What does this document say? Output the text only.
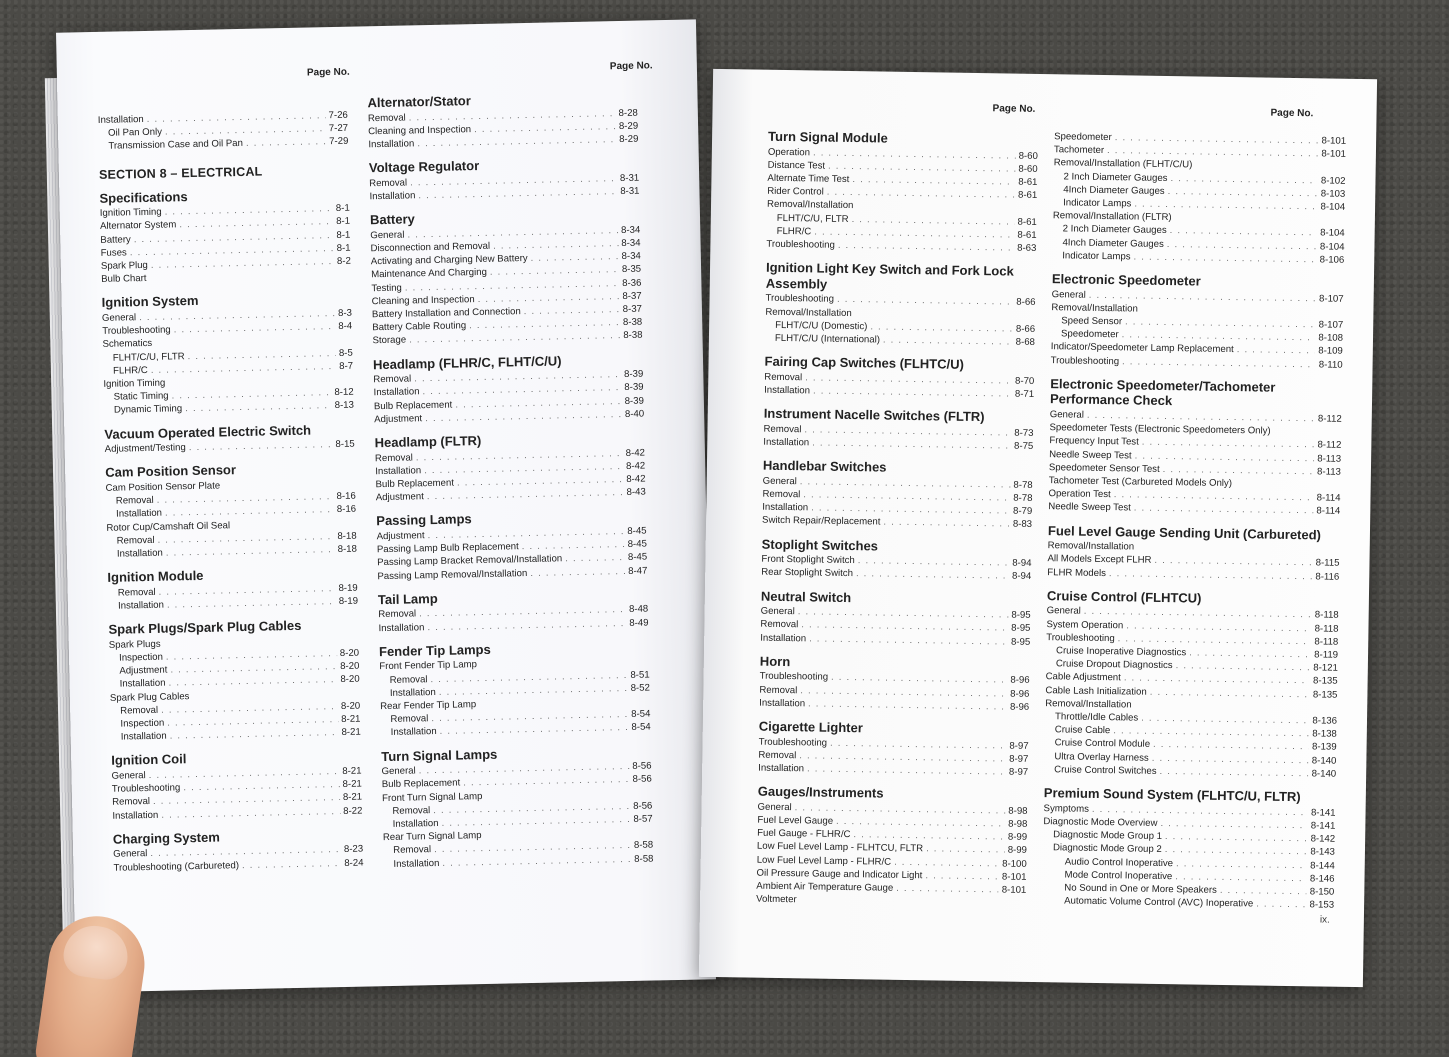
Page No.
Page No.
Installation . . .	7-26
Oil Pan Only . . .	7-27
Transmission Case and Oil Pan . . .	7-29
SECTION 8 – ELECTRICAL
Specifications
Ignition Timing . . .	8-1
Alternator System . . .	8-1
Battery . . .	8-1
Fuses . . .	8-1
Spark Plug . . .	8-2
Bulb Chart
Ignition System
General . . .	8-3
Troubleshooting . . .	8-4
Schematics
FLHT/C/U, FLTR . . .	8-5
FLHR/C . . .	8-7
Ignition Timing
Static Timing . . .	8-12
Dynamic Timing . . .	8-13
Vacuum Operated Electric Switch
Adjustment/Testing . . .	8-15
Cam Position Sensor
Cam Position Sensor Plate
Removal . . .	8-16
Installation . . .	8-16
Rotor Cup/Camshaft Oil Seal
Removal . . .	8-18
Installation . . .	8-18
Ignition Module
Removal . . .	8-19
Installation . . .	8-19
Spark Plugs/Spark Plug Cables
Spark Plugs
Inspection . . .	8-20
Adjustment . . .	8-20
Installation . . .	8-20
Spark Plug Cables
Removal . . .	8-20
Inspection . . .	8-21
Installation . . .	8-21
Ignition Coil
General . . .	8-21
Troubleshooting . . .	8-21
Removal . . .	8-21
Installation . . .	8-22
Charging System
General . . .	8-23
Troubleshooting (Carbureted) . . .	8-24
Alternator/Stator
Removal . . .	8-28
Cleaning and Inspection . . .	8-29
Installation . . .	8-29
Voltage Regulator
Removal . . .	8-31
Installation . . .	8-31
Battery
General . . .	8-34
Disconnection and Removal . . .	8-34
Activating and Charging New Battery . . .	8-34
Maintenance And Charging . . .	8-35
Testing . . .	8-36
Cleaning and Inspection . . .	8-37
Battery Installation and Connection . . .	8-37
Battery Cable Routing . . .	8-38
Storage . . .	8-38
Headlamp (FLHR/C, FLHT/C/U)
Removal . . .	8-39
Installation . . .	8-39
Bulb Replacement . . .	8-39
Adjustment . . .	8-40
Headlamp (FLTR)
Removal . . .	8-42
Installation . . .	8-42
Bulb Replacement . . .	8-42
Adjustment . . .	8-43
Passing Lamps
Adjustment . . .	8-45
Passing Lamp Bulb Replacement . . .	8-45
Passing Lamp Bracket Removal/Installation . . .	8-45
Passing Lamp Removal/Installation . . .	8-47
Tail Lamp
Removal . . .	8-48
Installation . . .	8-49
Fender Tip Lamps
Front Fender Tip Lamp
Removal . . .	8-51
Installation . . .	8-52
Rear Fender Tip Lamp
Removal . . .	8-54
Installation . . .	8-54
Turn Signal Lamps
General . . .	8-56
Bulb Replacement . . .	8-56
Front Turn Signal Lamp
Removal . . .	8-56
Installation . . .	8-57
Rear Turn Signal Lamp
Removal . . .	8-58
Installation . . .	8-58
Page No.	Page No.
Turn Signal Module
Operation . . .	8-60
Distance Test . . .	8-60
Alternate Time Test . . .	8-61
Rider Control . . .	8-61
Removal/Installation
FLHT/C/U, FLTR . . .	8-61
FLHR/C . . .	8-61
Troubleshooting . . .	8-63
Ignition Light Key Switch and Fork Lock Assembly
Troubleshooting . . .	8-66
Removal/Installation
FLHT/C/U (Domestic) . . .	8-66
FLHT/C/U (International) . . .	8-68
Fairing Cap Switches (FLHTC/U)
Removal . . .	8-70
Installation . . .	8-71
Instrument Nacelle Switches (FLTR)
Removal . . .	8-73
Installation . . .	8-75
Handlebar Switches
General . . .	8-78
Removal . . .	8-78
Installation . . .	8-79
Switch Repair/Replacement . . .	8-83
Stoplight Switches
Front Stoplight Switch . . .	8-94
Rear Stoplight Switch . . .	8-94
Neutral Switch
General . . .	8-95
Removal . . .	8-95
Installation . . .	8-95
Horn
Troubleshooting . . .	8-96
Removal . . .	8-96
Installation . . .	8-96
Cigarette Lighter
Troubleshooting . . .	8-97
Removal . . .	8-97
Installation . . .	8-97
Gauges/Instruments
General . . .	8-98
Fuel Level Gauge . . .	8-98
Fuel Gauge - FLHR/C . . .	8-99
Low Fuel Level Lamp - FLHTCU, FLTR . . .	8-99
Low Fuel Level Lamp - FLHR/C . . .	8-100
Oil Pressure Gauge and Indicator Light . . .	8-101
Ambient Air Temperature Gauge . . .	8-101
Voltmeter
Speedometer . . .	8-101
Tachometer . . .	8-101
Removal/Installation (FLHT/C/U)
2 Inch Diameter Gauges . . .	8-102
4Inch Diameter Gauges . . .	8-103
Indicator Lamps . . .	8-104
Removal/Installation (FLTR)
2 Inch Diameter Gauges . . .	8-104
4Inch Diameter Gauges . . .	8-104
Indicator Lamps . . .	8-106
Electronic Speedometer
General . . .	8-107
Removal/Installation
Speed Sensor . . .	8-107
Speedometer . . .	8-108
Indicator/Speedometer Lamp Replacement . . .	8-109
Troubleshooting . . .	8-110
Electronic Speedometer/Tachometer Performance Check
General . . .	8-112
Speedometer Tests (Electronic Speedometers Only)
Frequency Input Test . . .	8-112
Needle Sweep Test . . .	8-113
Speedometer Sensor Test . . .	8-113
Tachometer Test (Carbureted Models Only)
Operation Test . . .	8-114
Needle Sweep Test . . .	8-114
Fuel Level Gauge Sending Unit (Carbureted)
Removal/Installation
All Models Except FLHR . . .	8-115
FLHR Models . . .	8-116
Cruise Control (FLHTCU)
General . . .	8-118
System Operation . . .	8-118
Troubleshooting . . .	8-118
Cruise Inoperative Diagnostics . . .	8-119
Cruise Dropout Diagnostics . . .	8-121
Cable Adjustment . . .	8-135
Cable Lash Initialization . . .	8-135
Removal/Installation
Throttle/Idle Cables . . .	8-136
Cruise Cable . . .	8-138
Cruise Control Module . . .	8-139
Ultra Overlay Harness . . .	8-140
Cruise Control Switches . . .	8-140
Premium Sound System (FLHTC/U, FLTR)
Symptoms . . .	8-141
Diagnostic Mode Overview . . .	8-141
Diagnostic Mode Group 1 . . .	8-142
Diagnostic Mode Group 2 . . .	8-143
Audio Control Inoperative . . .	8-144
Mode Control Inoperative . . .	8-146
No Sound in One or More Speakers . . .	8-150
Automatic Volume Control (AVC) Inoperative . . .	8-153
ix.
